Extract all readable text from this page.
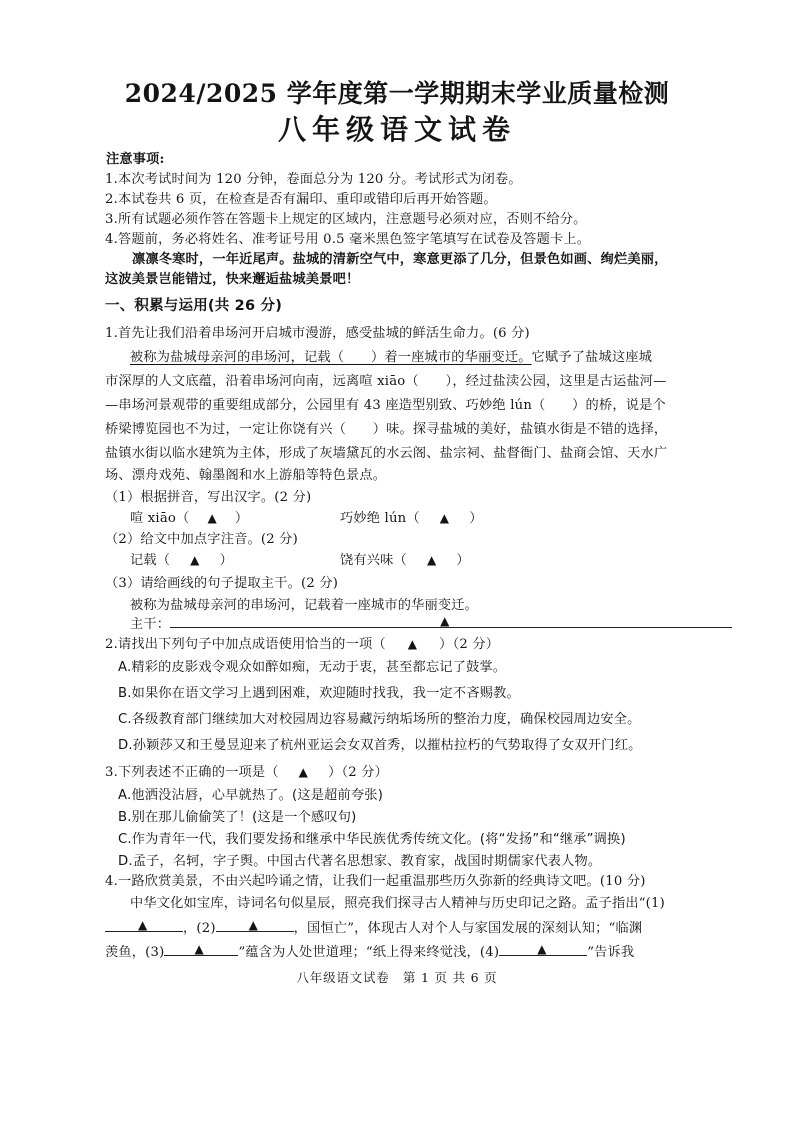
2024/2025 学年度第一学期期末学业质量检测
八年级语文试卷
注意事项:
1.本次考试时间为 120 分钟，卷面总分为 120 分。考试形式为闭卷。
2.本试卷共 6 页，在检查是否有漏印、重印或错印后再开始答题。
3.所有试题必须作答在答题卡上规定的区域内，注意题号必须对应，否则不给分。
4.答题前，务必将姓名、准考证号用 0.5 毫米黑色签字笔填写在试卷及答题卡上。
凛凛冬寒时，一年近尾声。盐城的清新空气中，寒意更添了几分，但景色如画、绚烂美丽，
这波美景岂能错过，快来邂逅盐城美景吧！
一、积累与运用(共 26 分)
1.首先让我们沿着串场河开启城市漫游，感受盐城的鲜活生命力。(6 分)
被称为盐城母亲河的串场河，记载（　　）着一座城市的华丽变迁。它赋予了盐城这座城
市深厚的人文底蕴，沿着串场河向南，远离喧 xiāo（　　），经过盐渎公园，这里是古运盐河—
—串场河景观带的重要组成部分，公园里有 43 座造型别致、巧妙绝 lún（　　）的桥，说是个
桥梁博览园也不为过，一定让你饶有兴（　　）味。探寻盐城的美好，盐镇水街是不错的选择，
盐镇水街以临水建筑为主体，形成了灰墙黛瓦的水云阁、盐宗祠、盐督衙门、盐商会馆、天水广
场、漂舟戏苑、翰墨阁和水上游船等特色景点。
（1）根据拼音，写出汉字。(2 分)
喧 xiāo（ ▲ ）	巧妙绝 lún（ ▲ ）
（2）给文中加点字注音。(2 分)
记载（ ▲ ）	饶有兴味（ ▲ ）
（3）请给画线的句子提取主干。(2 分)
被称为盐城母亲河的串场河，记载着一座城市的华丽变迁。
主干：	▲
2.请找出下列句子中加点成语使用恰当的一项（ ▲ ）（2 分）
A.精彩的皮影戏令观众如醉如痴，无动于衷，甚至都忘记了鼓掌。
B.如果你在语文学习上遇到困难，欢迎随时找我，我一定不吝赐教。
C.各级教育部门继续加大对校园周边容易藏污纳垢场所的整治力度，确保校园周边安全。
D.孙颖莎又和王曼昱迎来了杭州亚运会女双首秀，以摧枯拉朽的气势取得了女双开门红。
3.下列表述不正确的一项是（ ▲ ）（2 分）
A.他洒没沾唇，心早就热了。(这是超前夸张)
B.别在那儿偷偷笑了！(这是一个感叹句)
C.作为青年一代，我们要发扬和继承中华民族优秀传统文化。(将“发扬”和“继承”调换)
D.孟子，名轲，字子舆。中国古代著名思想家、教育家，战国时期儒家代表人物。
4.一路欣赏美景，不由兴起吟诵之情，让我们一起重温那些历久弥新的经典诗文吧。(10 分)
中华文化如宝库，诗词名句似星辰，照亮我们探寻古人精神与历史印记之路。孟子指出“(1)
▲	，(2)	▲	，国恒亡”，体现古人对个人与家国发展的深刻认知；“临渊
羡鱼，(3)	▲	”蕴含为人处世道理；“纸上得来终觉浅，(4)	▲	”告诉我
八年级语文试卷　第 1 页 共 6 页
